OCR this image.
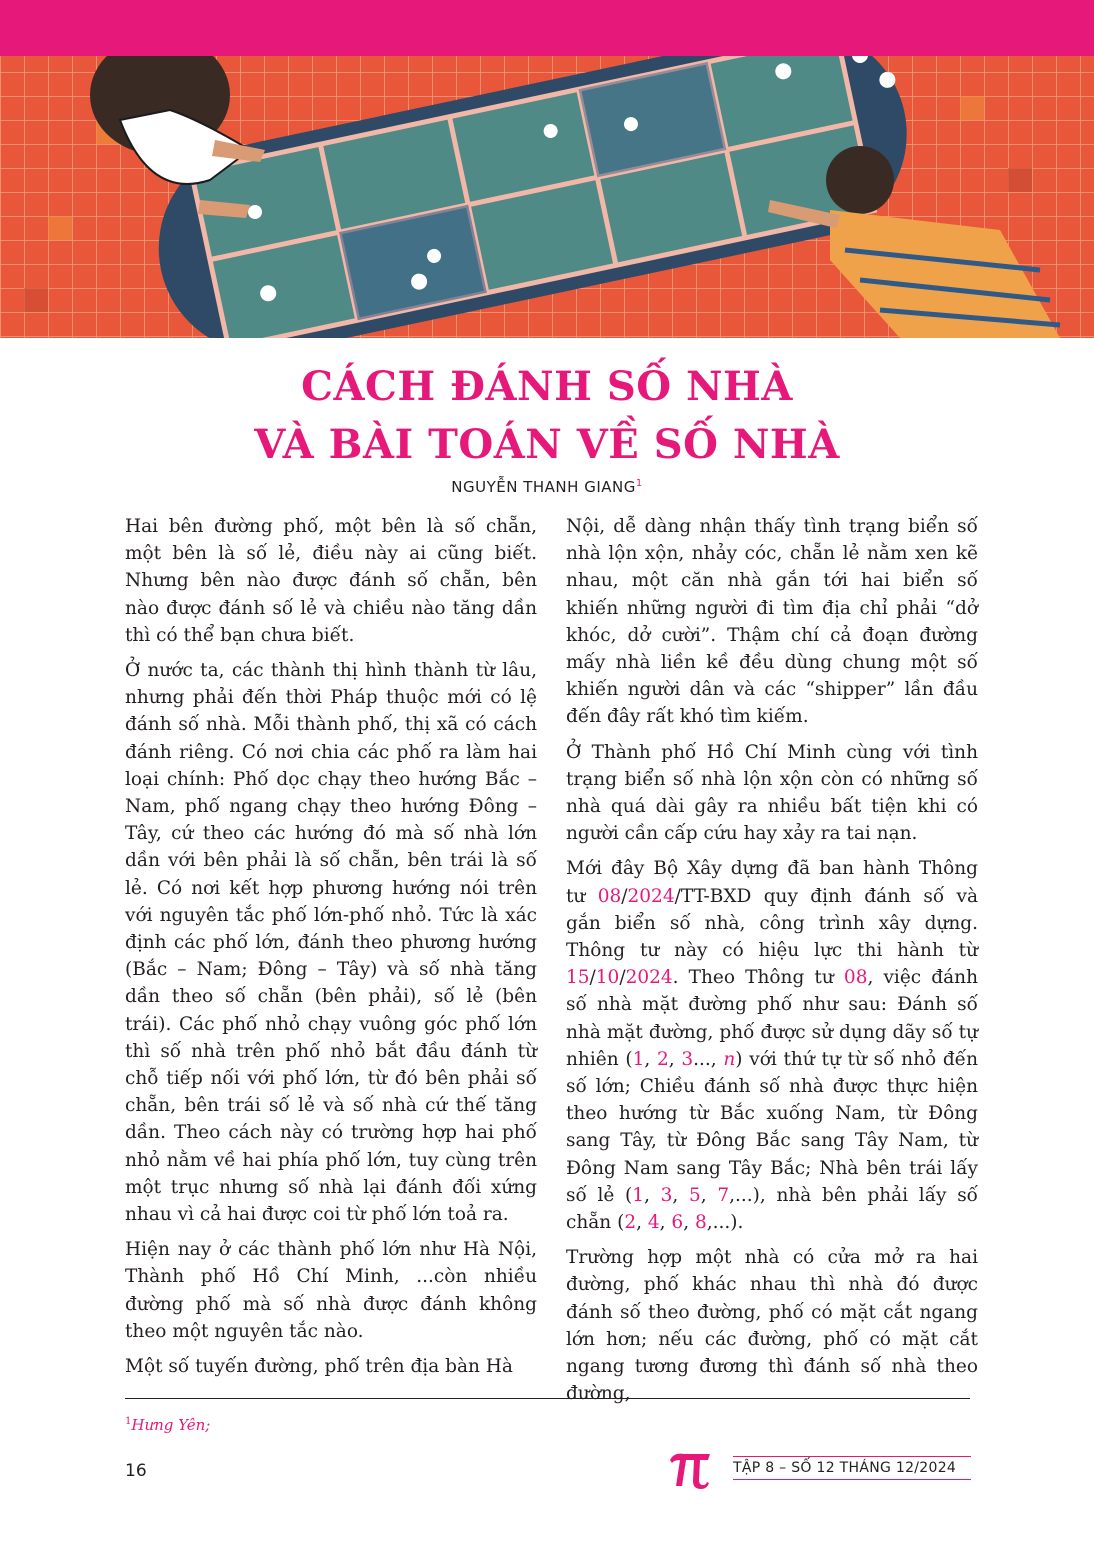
CÁCH ĐÁNH SỐ NHÀ
VÀ BÀI TOÁN VỀ SỐ NHÀ
NGUYỄN THANH GIANG$^1$

Hai bên đường phố, một bên là số chẵn, một bên là số lẻ, điều này ai cũng biết. Nhưng bên nào được đánh số chẵn, bên nào được đánh số lẻ và chiều nào tăng dần thì có thể bạn chưa biết.

Ở nước ta, các thành thị hình thành từ lâu, nhưng phải đến thời Pháp thuộc mới có lệ đánh số nhà. Mỗi thành phố, thị xã có cách đánh riêng. Có nơi chia các phố ra làm hai loại chính: Phố dọc chạy theo hướng Bắc – Nam, phố ngang chạy theo hướng Đông – Tây, cứ theo các hướng đó mà số nhà lớn dần với bên phải là số chẵn, bên trái là số lẻ. Có nơi kết hợp phương hướng nói trên với nguyên tắc phố lớn-phố nhỏ. Tức là xác định các phố lớn, đánh theo phương hướng (Bắc – Nam; Đông – Tây) và số nhà tăng dần theo số chẵn (bên phải), số lẻ (bên trái). Các phố nhỏ chạy vuông góc phố lớn thì số nhà trên phố nhỏ bắt đầu đánh từ chỗ tiếp nối với phố lớn, từ đó bên phải số chẵn, bên trái số lẻ và số nhà cứ thế tăng dần. Theo cách này có trường hợp hai phố nhỏ nằm về hai phía phố lớn, tuy cùng trên một trục nhưng số nhà lại đánh đối xứng nhau vì cả hai được coi từ phố lớn toả ra.

Hiện nay ở các thành phố lớn như Hà Nội, Thành phố Hồ Chí Minh, ...còn nhiều đường phố mà số nhà được đánh không theo một nguyên tắc nào.

Một số tuyến đường, phố trên địa bàn Hà

Nội, dễ dàng nhận thấy tình trạng biển số nhà lộn xộn, nhảy cóc, chẵn lẻ nằm xen kẽ nhau, một căn nhà gắn tới hai biển số khiến những người đi tìm địa chỉ phải “dở khóc, dở cười”. Thậm chí cả đoạn đường mấy nhà liền kề đều dùng chung một số khiến người dân và các “shipper” lần đầu đến đây rất khó tìm kiếm.

Ở Thành phố Hồ Chí Minh cùng với tình trạng biển số nhà lộn xộn còn có những số nhà quá dài gây ra nhiều bất tiện khi có người cần cấp cứu hay xảy ra tai nạn.

Mới đây Bộ Xây dựng đã ban hành Thông tư 08/2024/TT-BXD quy định đánh số và gắn biển số nhà, công trình xây dựng. Thông tư này có hiệu lực thi hành từ 15/10/2024. Theo Thông tư 08, việc đánh số nhà mặt đường phố như sau: Đánh số nhà mặt đường, phố được sử dụng dãy số tự nhiên (1, 2, 3..., n) với thứ tự từ số nhỏ đến số lớn; Chiều đánh số nhà được thực hiện theo hướng từ Bắc xuống Nam, từ Đông sang Tây, từ Đông Bắc sang Tây Nam, từ Đông Nam sang Tây Bắc; Nhà bên trái lấy số lẻ (1, 3, 5, 7,...), nhà bên phải lấy số chẵn (2, 4, 6, 8,...).

Trường hợp một nhà có cửa mở ra hai đường, phố khác nhau thì nhà đó được đánh số theo đường, phố có mặt cắt ngang lớn hơn; nếu các đường, phố có mặt cắt ngang tương đương thì đánh số nhà theo đường,

$^1$Hưng Yên;
16	TẬP 8 – SỐ 12 THÁNG 12/2024
